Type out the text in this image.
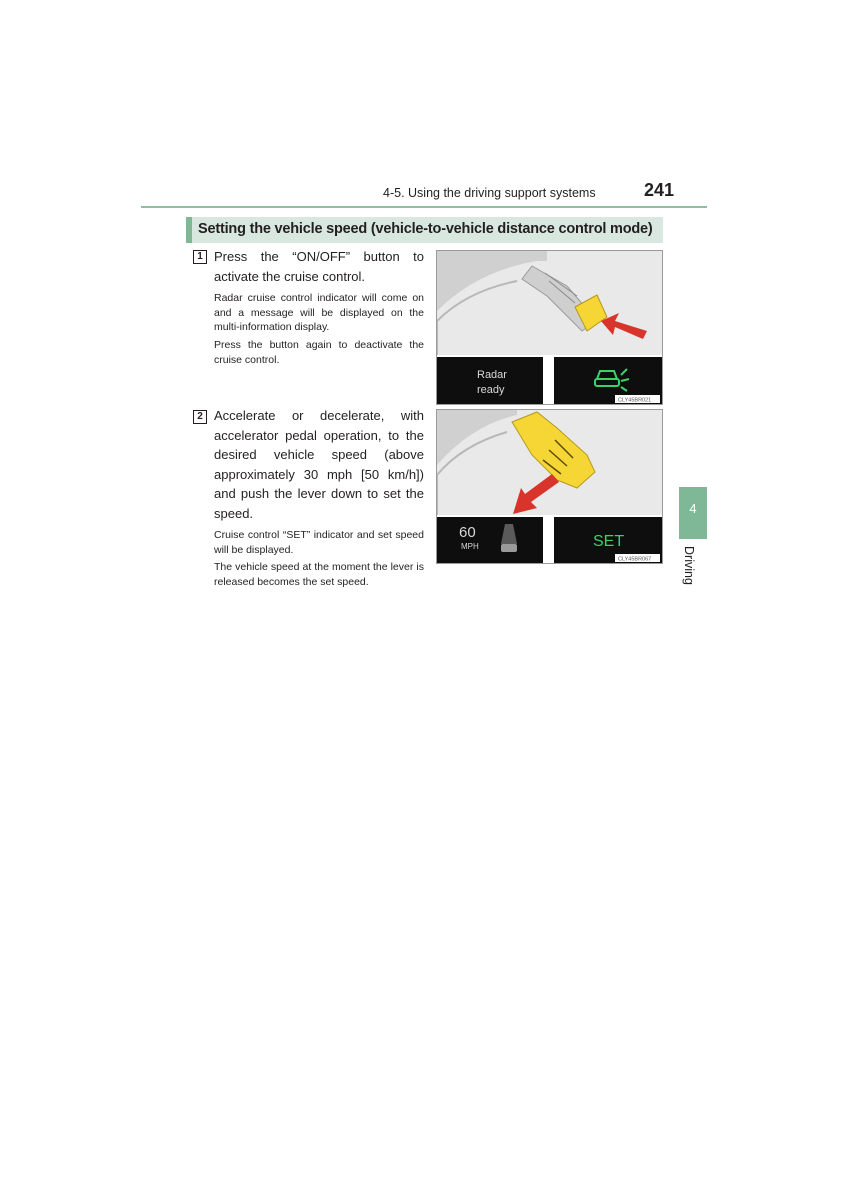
4-5. Using the driving support systems	241
Setting the vehicle speed (vehicle-to-vehicle distance control mode)
1 Press the “ON/OFF” button to activate the cruise control.
Radar cruise control indicator will come on and a message will be displayed on the multi-information display.
Press the button again to deactivate the cruise control.
Radar
ready
CLY45BR021
2 Accelerate or decelerate, with accelerator pedal operation, to the desired vehicle speed (above approximately 30 mph [50 km/h]) and push the lever down to set the speed.
Cruise control “SET” indicator and set speed will be displayed.
The vehicle speed at the moment the lever is released becomes the set speed.
60
MPH	SET
CLY45BR067
4
Driving
